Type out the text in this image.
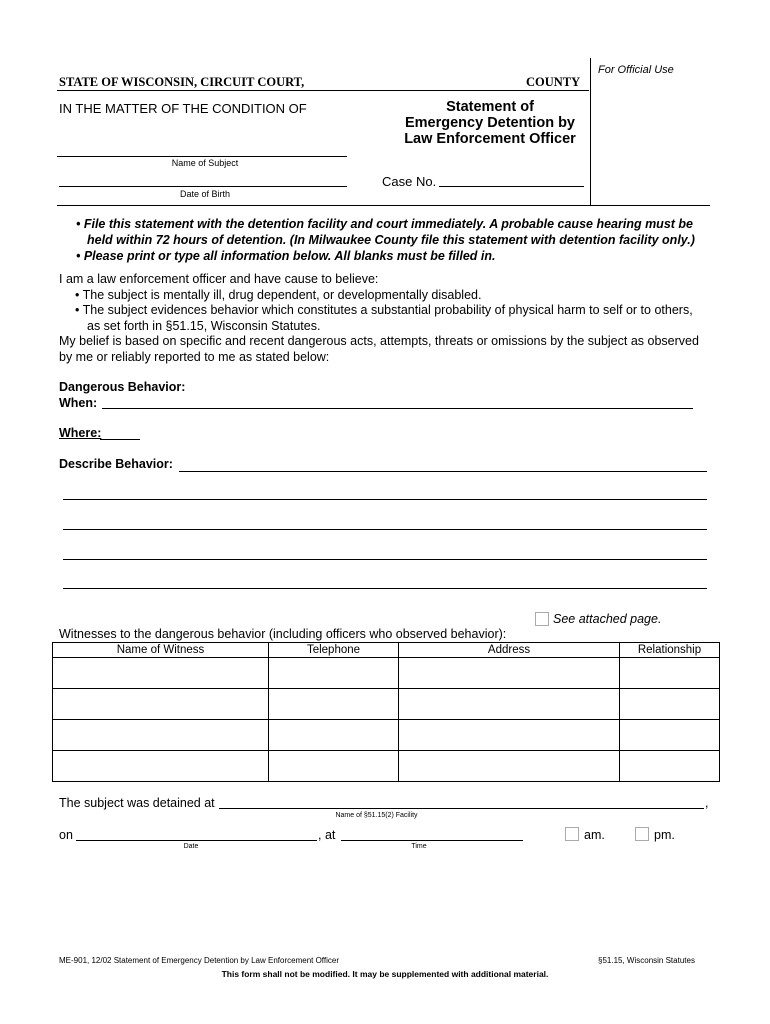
STATE OF WISCONSIN, CIRCUIT COURT,	COUNTY
For Official Use
IN THE MATTER OF THE CONDITION OF	Statement of
Emergency Detention by
Law Enforcement Officer
Name of Subject
Date of Birth
Case No.
• File this statement with the detention facility and court immediately. A probable cause hearing must be
held within 72 hours of detention. (In Milwaukee County file this statement with detention facility only.)
• Please print or type all information below. All blanks must be filled in.
I am a law enforcement officer and have cause to believe:
• The subject is mentally ill, drug dependent, or developmentally disabled.
• The subject evidences behavior which constitutes a substantial probability of physical harm to self or to others,
as set forth in §51.15, Wisconsin Statutes.
My belief is based on specific and recent dangerous acts, attempts, threats or omissions by the subject as observed
by me or reliably reported to me as stated below:
Dangerous Behavior:
When:
Where:
Describe Behavior:
See attached page.
Witnesses to the dangerous behavior (including officers who observed behavior):
Name of Witness	Telephone	Address	Relationship

The subject was detained at	,
Name of §51.15(2) Facility
on	, at
Date	Time
am.	pm.
ME-901, 12/02 Statement of Emergency Detention by Law Enforcement Officer	§51.15, Wisconsin Statutes
This form shall not be modified. It may be supplemented with additional material.
